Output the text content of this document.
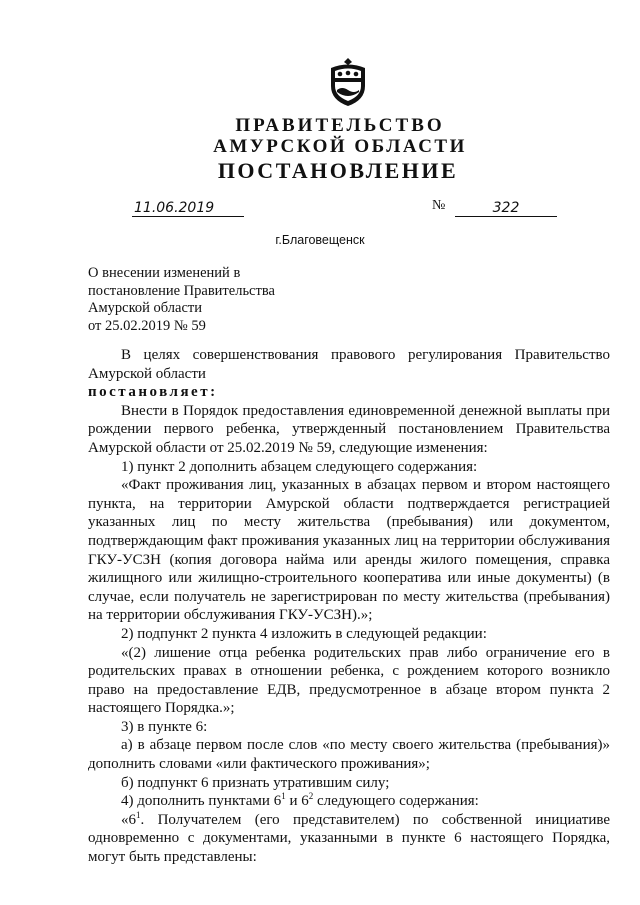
ПРАВИТЕЛЬСТВО
АМУРСКОЙ ОБЛАСТИ
ПОСТАНОВЛЕНИЕ
11.06.2019	№	322
г.Благовещенск
О внесении изменений в
постановление Правительства
Амурской области
от 25.02.2019 № 59

В целях совершенствования правового регулирования Правительство Амурской области

постановляет:

Внести в Порядок предоставления единовременной денежной выплаты при рождении первого ребенка, утвержденный постановлением Правительства Амурской области от 25.02.2019 № 59, следующие изменения:

1) пункт 2 дополнить абзацем следующего содержания:

«Факт проживания лиц, указанных в абзацах первом и втором настоящего пункта, на территории Амурской области подтверждается регистрацией указанных лиц по месту жительства (пребывания) или документом, подтверждающим факт проживания указанных лиц на территории обслуживания ГКУ-УСЗН (копия договора найма или аренды жилого помещения, справка жилищного или жилищно-строительного кооператива или иные документы) (в случае, если получатель не зарегистрирован по месту жительства (пребывания) на территории обслуживания ГКУ-УСЗН).»;

2) подпункт 2 пункта 4 изложить в следующей редакции:

«(2) лишение отца ребенка родительских прав либо ограничение его в родительских правах в отношении ребенка, с рождением которого возникло право на предоставление ЕДВ, предусмотренное в абзаце втором пункта 2 настоящего Порядка.»;

3) в пункте 6:

а) в абзаце первом после слов «по месту своего жительства (пребывания)» дополнить словами «или фактического проживания»;

б) подпункт 6 признать утратившим силу;

4) дополнить пунктами $6^1$ и $6^2$ следующего содержания:

«$6^1$. Получателем (его представителем) по собственной инициативе одновременно с документами, указанными в пункте 6 настоящего Порядка, могут быть представлены:
